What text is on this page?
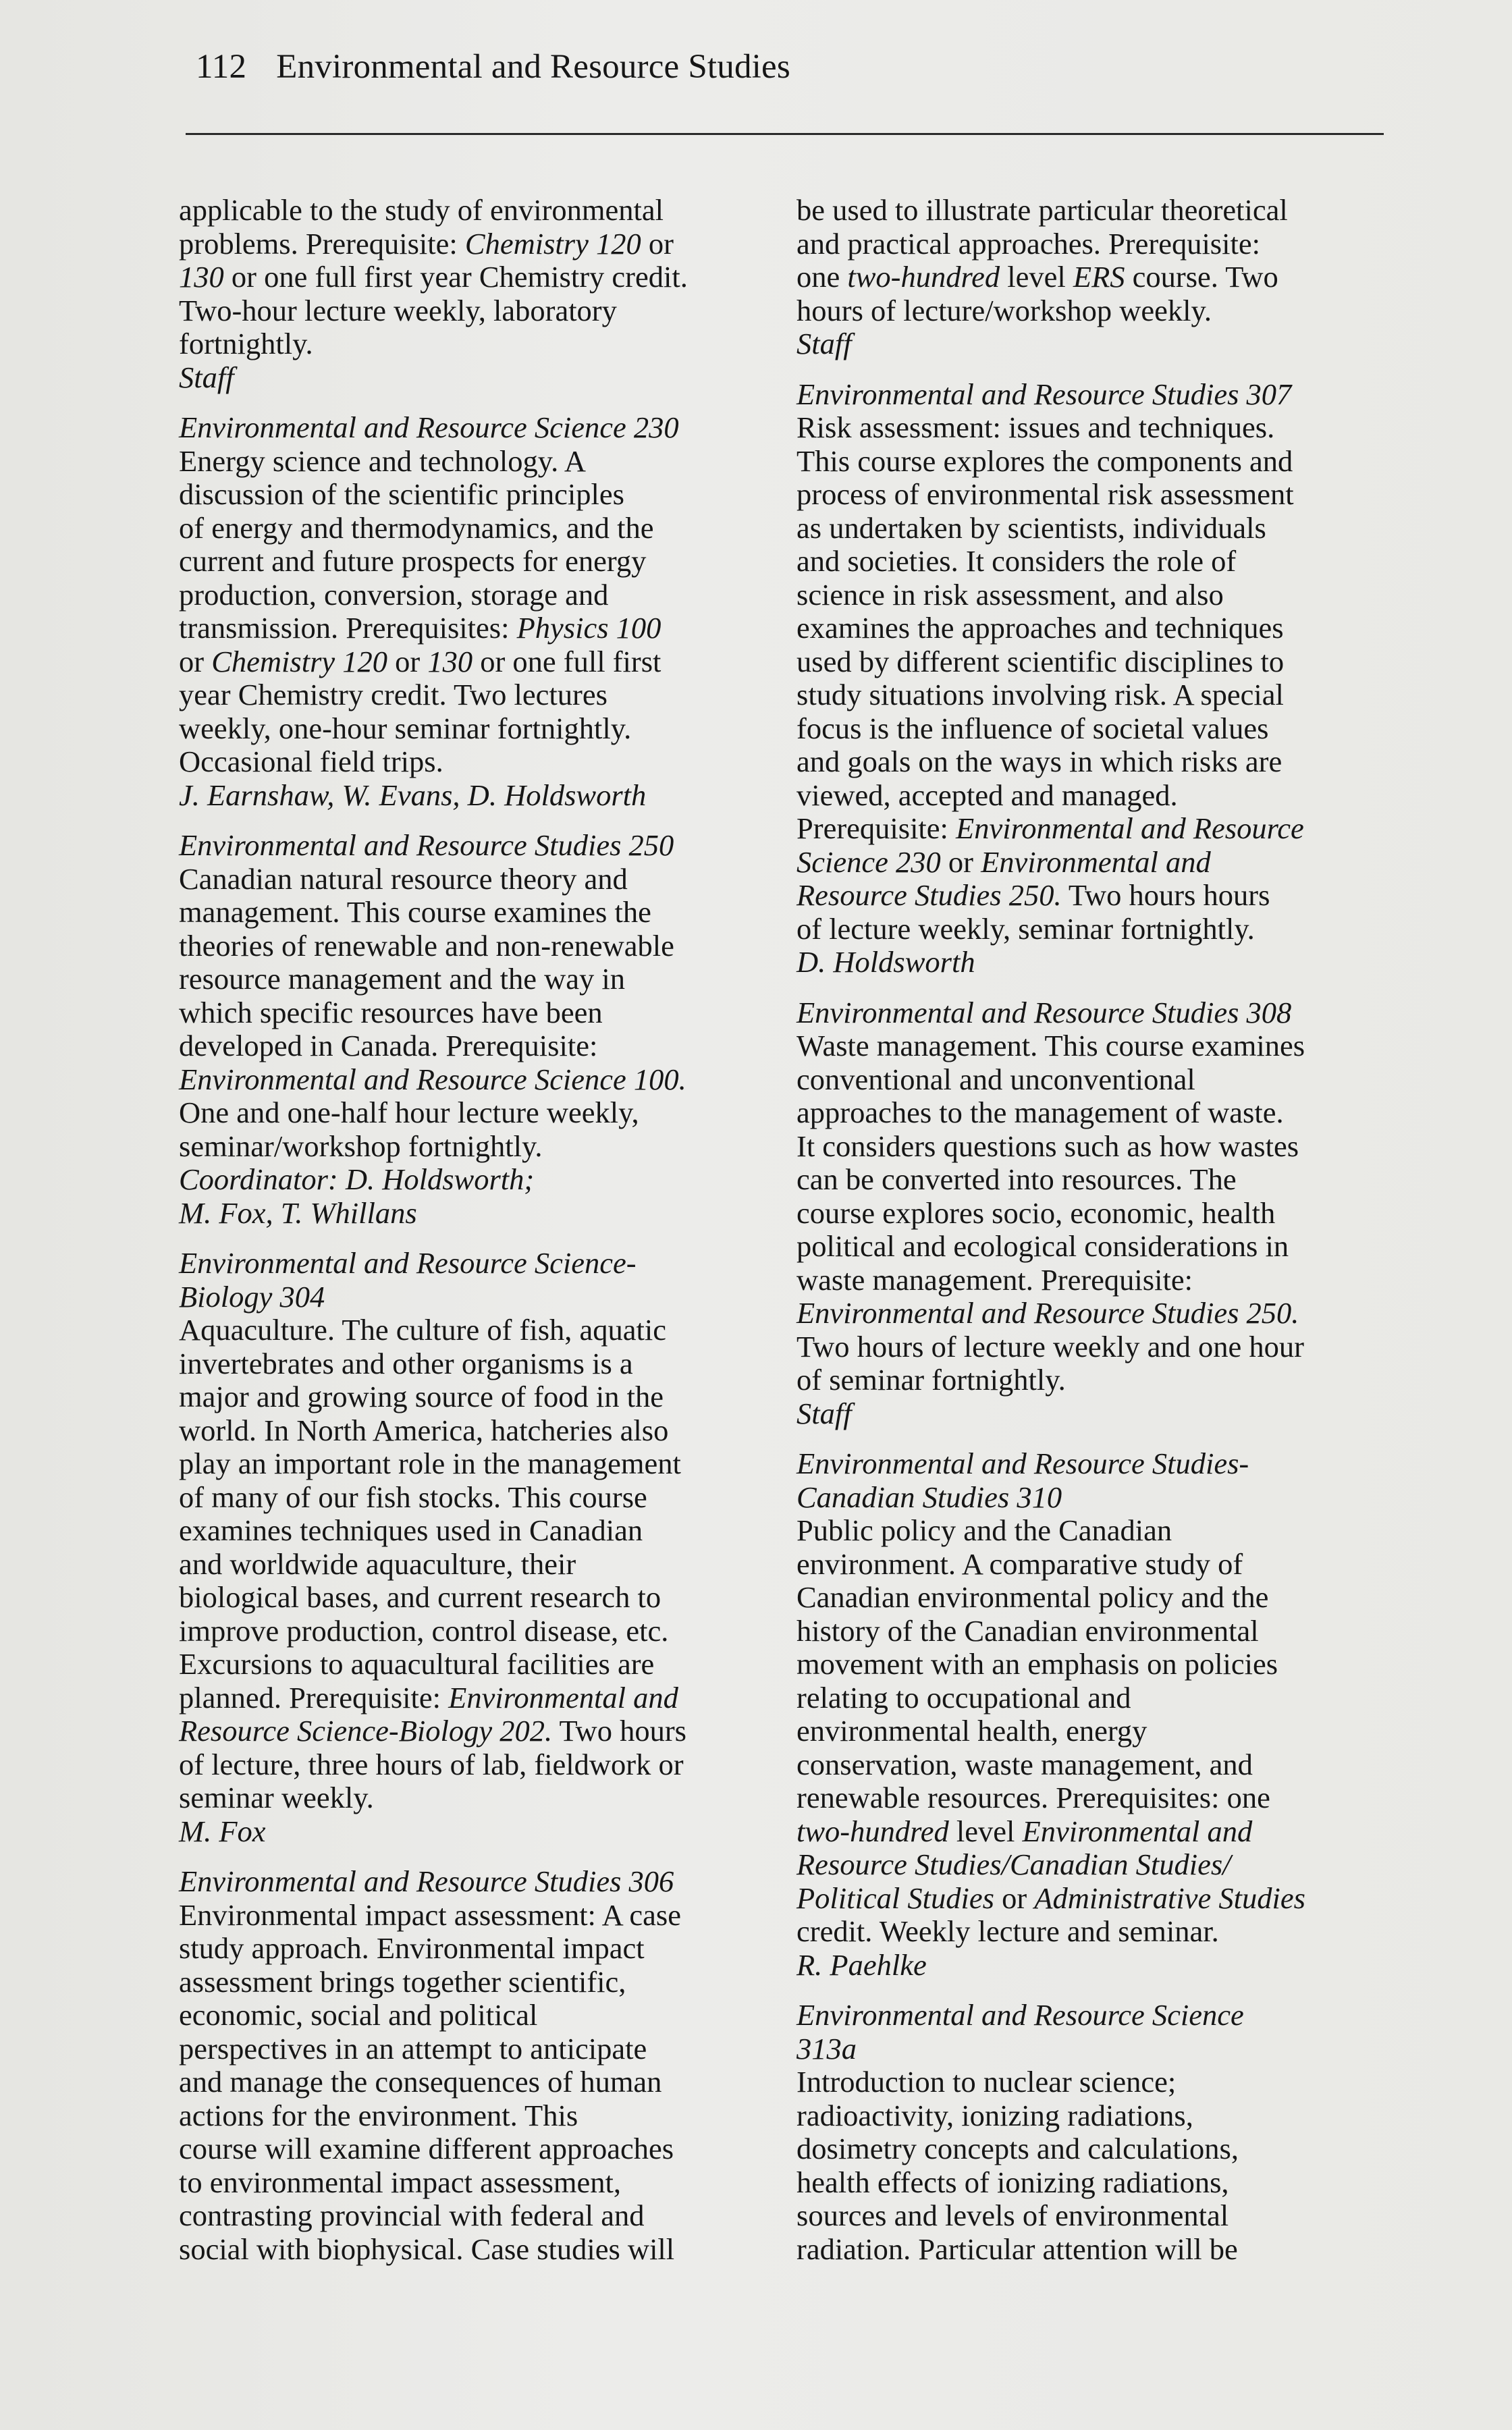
112 Environmental and Resource Studies
applicable to the study of environmental
problems. Prerequisite: Chemistry 120 or
130 or one full first year Chemistry credit.
Two-hour lecture weekly, laboratory
fortnightly.
Staff
Environmental and Resource Science 230
Energy science and technology. A
discussion of the scientific principles
of energy and thermodynamics, and the
current and future prospects for energy
production, conversion, storage and
transmission. Prerequisites: Physics 100
or Chemistry 120 or 130 or one full first
year Chemistry credit. Two lectures
weekly, one-hour seminar fortnightly.
Occasional field trips.
J. Earnshaw, W. Evans, D. Holdsworth
Environmental and Resource Studies 250
Canadian natural resource theory and
management. This course examines the
theories of renewable and non-renewable
resource management and the way in
which specific resources have been
developed in Canada. Prerequisite:
Environmental and Resource Science 100.
One and one-half hour lecture weekly,
seminar/workshop fortnightly.
Coordinator: D. Holdsworth;
M. Fox, T. Whillans
Environmental and Resource Science-
Biology 304
Aquaculture. The culture of fish, aquatic
invertebrates and other organisms is a
major and growing source of food in the
world. In North America, hatcheries also
play an important role in the management
of many of our fish stocks. This course
examines techniques used in Canadian
and worldwide aquaculture, their
biological bases, and current research to
improve production, control disease, etc.
Excursions to aquacultural facilities are
planned. Prerequisite: Environmental and
Resource Science-Biology 202. Two hours
of lecture, three hours of lab, fieldwork or
seminar weekly.
M. Fox
Environmental and Resource Studies 306
Environmental impact assessment: A case
study approach. Environmental impact
assessment brings together scientific,
economic, social and political
perspectives in an attempt to anticipate
and manage the consequences of human
actions for the environment. This
course will examine different approaches
to environmental impact assessment,
contrasting provincial with federal and
social with biophysical. Case studies will
be used to illustrate particular theoretical
and practical approaches. Prerequisite:
one two-hundred level ERS course. Two
hours of lecture/workshop weekly.
Staff
Environmental and Resource Studies 307
Risk assessment: issues and techniques.
This course explores the components and
process of environmental risk assessment
as undertaken by scientists, individuals
and societies. It considers the role of
science in risk assessment, and also
examines the approaches and techniques
used by different scientific disciplines to
study situations involving risk. A special
focus is the influence of societal values
and goals on the ways in which risks are
viewed, accepted and managed.
Prerequisite: Environmental and Resource
Science 230 or Environmental and
Resource Studies 250. Two hours hours
of lecture weekly, seminar fortnightly.
D. Holdsworth
Environmental and Resource Studies 308
Waste management. This course examines
conventional and unconventional
approaches to the management of waste.
It considers questions such as how wastes
can be converted into resources. The
course explores socio, economic, health
political and ecological considerations in
waste management. Prerequisite:
Environmental and Resource Studies 250.
Two hours of lecture weekly and one hour
of seminar fortnightly.
Staff
Environmental and Resource Studies-
Canadian Studies 310
Public policy and the Canadian
environment. A comparative study of
Canadian environmental policy and the
history of the Canadian environmental
movement with an emphasis on policies
relating to occupational and
environmental health, energy
conservation, waste management, and
renewable resources. Prerequisites: one
two-hundred level Environmental and
Resource Studies/Canadian Studies/
Political Studies or Administrative Studies
credit. Weekly lecture and seminar.
R. Paehlke
Environmental and Resource Science
313a
Introduction to nuclear science;
radioactivity, ionizing radiations,
dosimetry concepts and calculations,
health effects of ionizing radiations,
sources and levels of environmental
radiation. Particular attention will be
